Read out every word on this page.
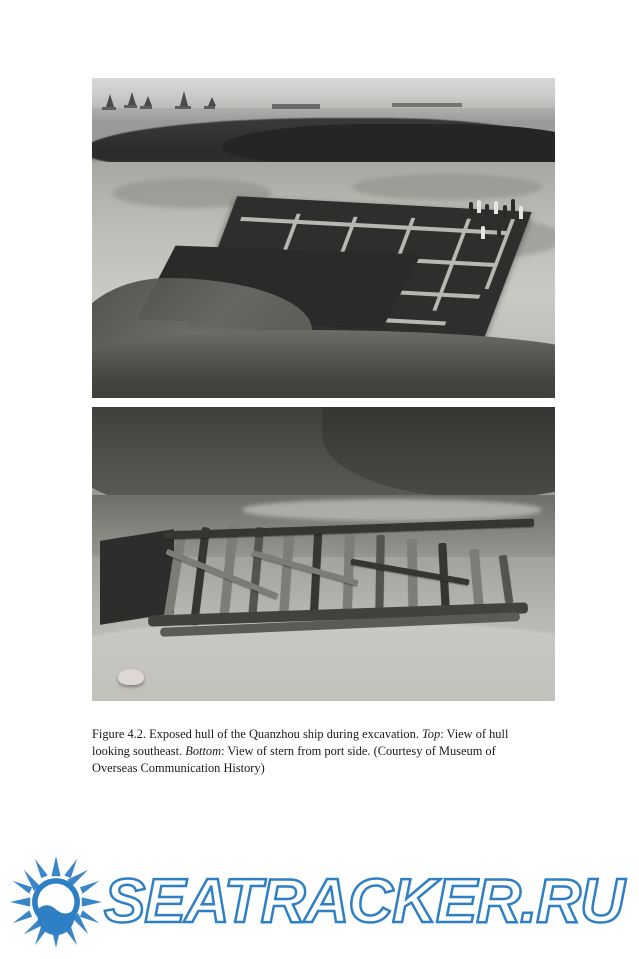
Figure 4.2. Exposed hull of the Quanzhou ship during excavation. Top: View of hull looking southeast. Bottom: View of stern from port side. (Courtesy of Museum of Overseas Communication History)
SEATRACKER.RU
